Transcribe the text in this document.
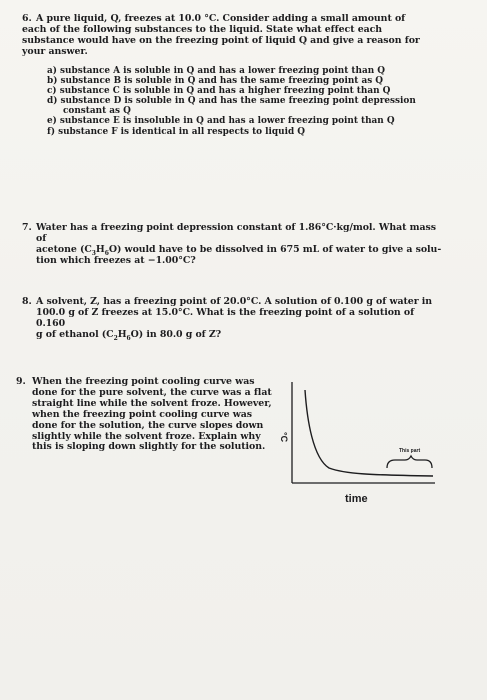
6. A pure liquid, Q, freezes at 10.0 °C. Consider adding a small amount of each of the following substances to the liquid. State what effect each substance would have on the freezing point of liquid Q and give a reason for your answer.
a) substance A is soluble in Q and has a lower freezing point than Q
b) substance B is soluble in Q and has the same freezing point as Q
c) substance C is soluble in Q and has a higher freezing point than Q
d) substance D is soluble in Q and has the same freezing point depression constant as Q
e) substance E is insoluble in Q and has a lower freezing point than Q
f) substance F is identical in all respects to liquid Q
7. Water has a freezing point depression constant of 1.86°C·kg/mol. What mass of
acetone $(C_3H_6O)$ would have to be dissolved in 675 mL of water to give a solu-
tion which freezes at −1.00°C?
8. A solvent, Z, has a freezing point of 20.0°C. A solution of 0.100 g of water in
100.0 g of Z freezes at 15.0°C. What is the freezing point of a solution of 0.160
g of ethanol $(C_2H_6O)$ in 80.0 g of Z?
9. When the freezing point cooling curve was
done for the pure solvent, the curve was a flat
straight line while the solvent froze. However,
when the freezing point cooling curve was
done for the solution, the curve slopes down
slightly while the solvent froze. Explain why
this is sloping down slightly for the solution.	This part
°C
time
